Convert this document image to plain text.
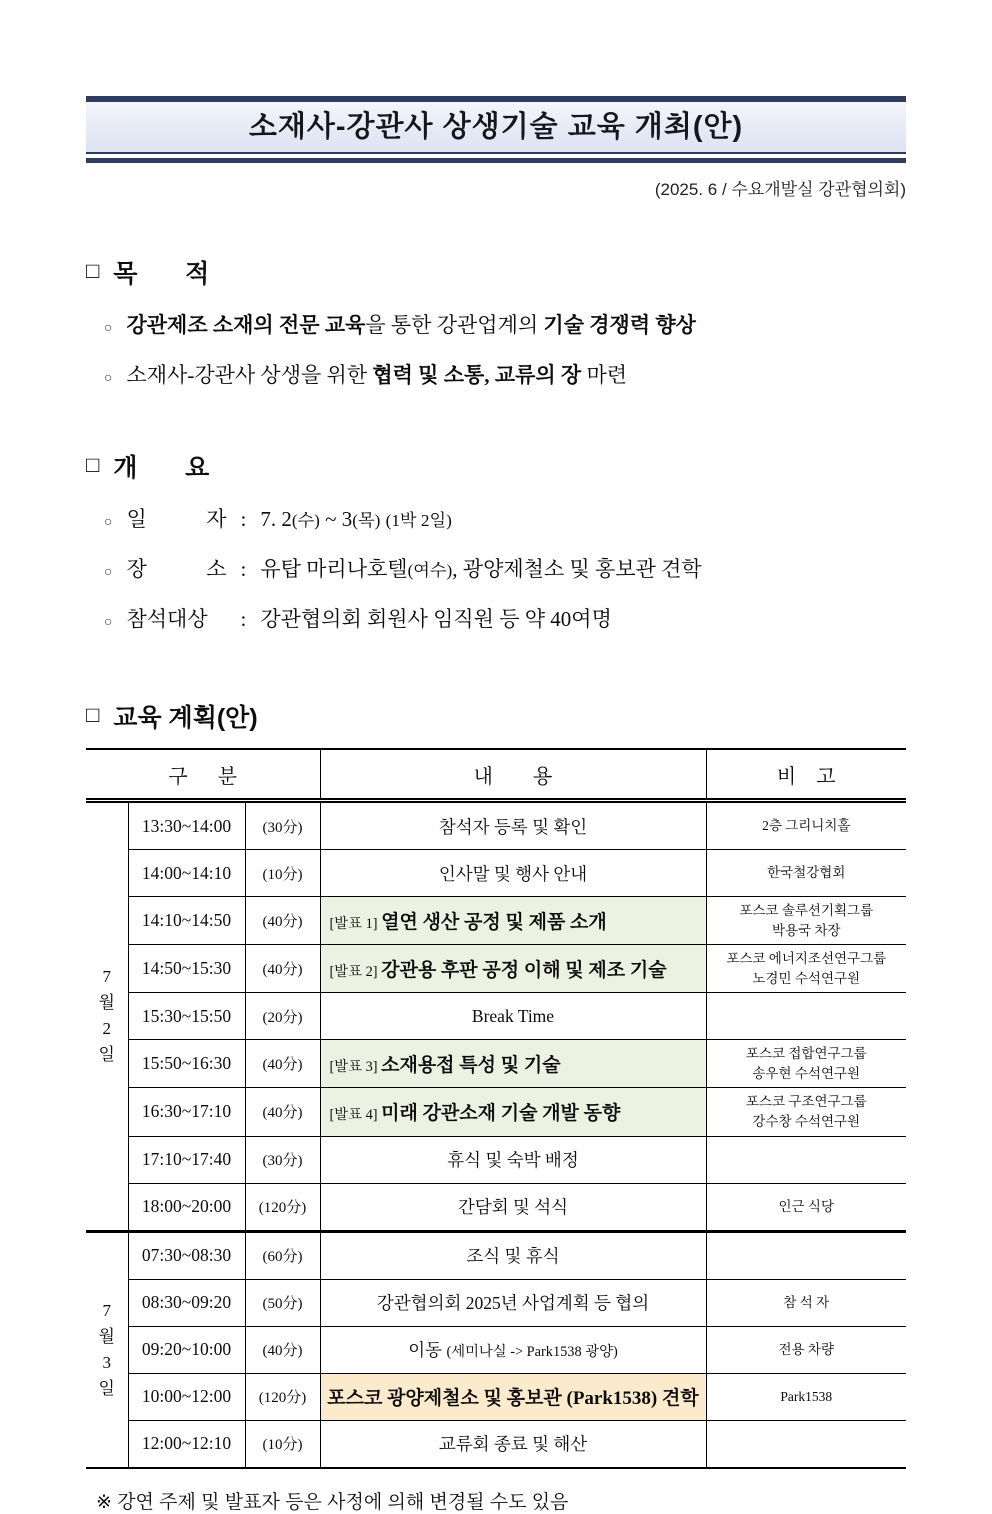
소재사-강관사 상생기술 교육 개최(안)
(2025. 6 / 수요개발실 강관협의회)
□ 목 적
○ 강관제조 소재의 전문 교육을 통한 강관업계의 기술 경쟁력 향상
○ 소재사-강관사 상생을 위한 협력 및 소통, 교류의 장 마련
□ 개 요
○ 일 자 : 7. 2(수) ~ 3(목) (1박 2일)
○ 장 소 : 유탑 마리나호텔(여수), 광양제철소 및 홍보관 견학
○ 참석대상	: 강관협의회 회원사 임직원 등 약 40여명
□ 교육 계획(안)
구      분			내        용	비    고

7
월
2
일	13:30~14:00	(30分)	참석자 등록 및 확인	2층 그리니치홀

	14:00~14:10	(10分)	인사말 및 행사 안내	한국철강협회

	14:10~14:50	(40分)	[발표 1] 열연 생산 공정 및 제품 소개	포스코 솔루션기획그룹
박용국 차장

	14:50~15:30	(40分)	[발표 2] 강관용 후판 공정 이해 및 제조 기술	포스코 에너지조선연구그룹
노경민 수석연구원

	15:30~15:50	(20分)	Break Time	
	15:50~16:30	(40分)	[발표 3] 소재용접 특성 및 기술	포스코 접합연구그룹
송우현 수석연구원

	16:30~17:10	(40分)	[발표 4] 미래 강관소재 기술 개발 동향	포스코 구조연구그룹
강수창 수석연구원

	17:10~17:40	(30分)	휴식 및 숙박 배정	
	18:00~20:00	(120分)	간담회 및 석식	인근 식당

7
월
3
일	07:30~08:30	(60分)	조식 및 휴식	
	08:30~09:20	(50分)	강관협의회 2025년 사업계획 등 협의	참 석 자

	09:20~10:00	(40分)	이동 (세미나실 -> Park1538 광양)	전용 차량

	10:00~12:00	(120分)	포스코 광양제철소 및 홍보관 (Park1538) 견학	Park1538

	12:00~12:10	(10分)	교류회 종료 및 해산	
※ 강연 주제 및 발표자 등은 사정에 의해 변경될 수도 있음
